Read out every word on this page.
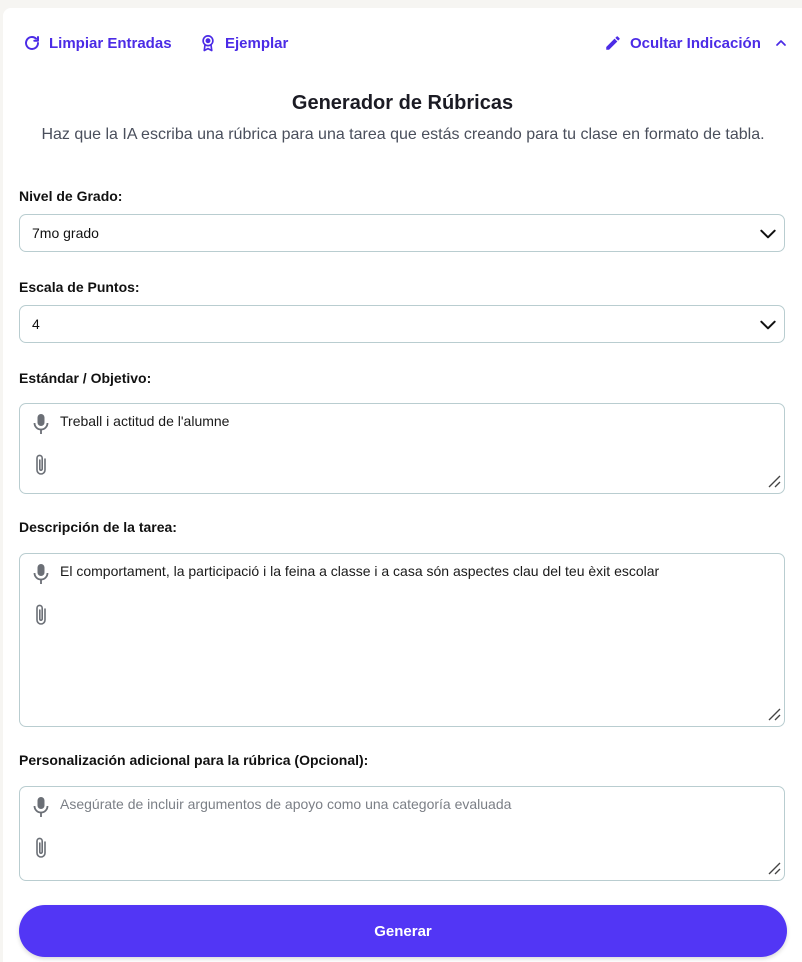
Limpiar Entradas	Ejemplar	Ocultar Indicación
Generador de Rúbricas
Haz que la IA escriba una rúbrica para una tarea que estás creando para tu clase en formato de tabla.
Nivel de Grado:
7mo grado
Escala de Puntos:
4
Estándar / Objetivo:
Treball i actitud de l'alumne
Descripción de la tarea:
El comportament, la participació i la feina a classe i a casa són aspectes clau del teu èxit escolar
Personalización adicional para la rúbrica (Opcional):
Asegúrate de incluir argumentos de apoyo como una categoría evaluada
Generar
